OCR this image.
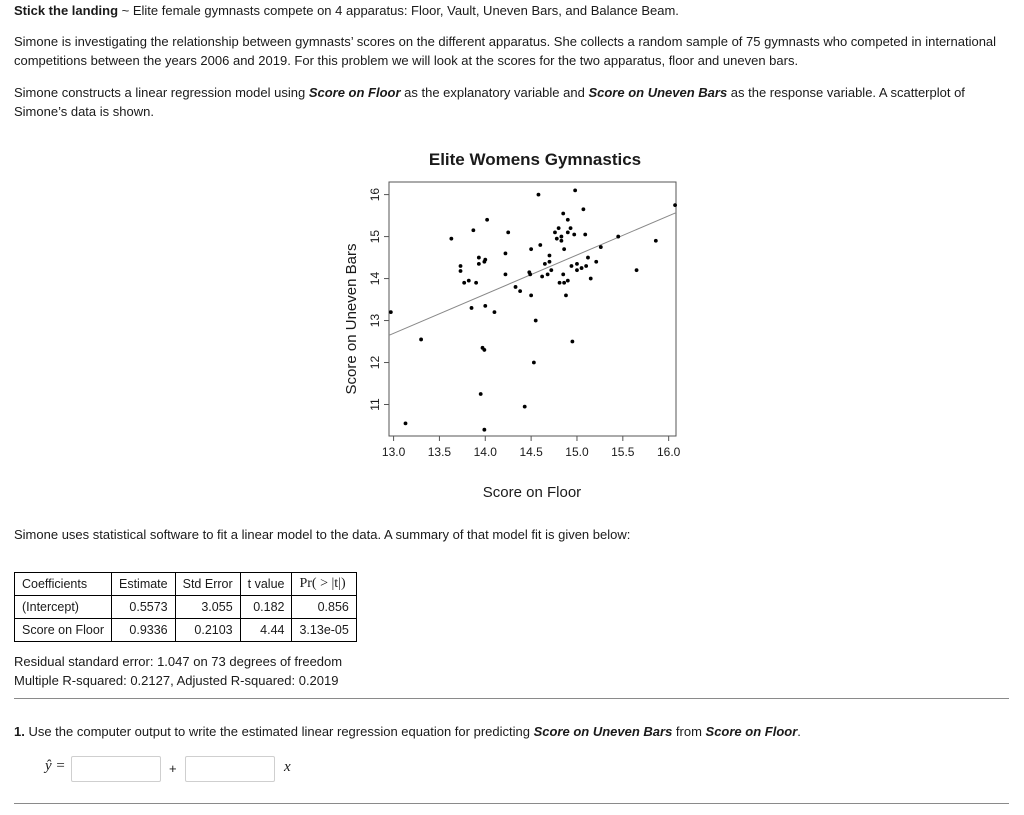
Stick the landing ~ Elite female gymnasts compete on 4 apparatus: Floor, Vault, Uneven Bars, and Balance Beam.

Simone is investigating the relationship between gymnasts’ scores on the different apparatus. She collects a random sample of 75 gymnasts who competed in international competitions between the years 2006 and 2019. For this problem we will look at the scores for the two apparatus, floor and uneven bars.

Simone constructs a linear regression model using Score on Floor as the explanatory variable and Score on Uneven Bars as the response variable. A scatterplot of Simone’s data is shown.

Elite Womens Gymnastics
13.0 13.5 14.0 14.5 15.0 15.5 16.0
11
12
13
14
15
16
Score on Floor
Score on Uneven Bars

Simone uses statistical software to fit a linear model to the data. A summary of that model fit is given below:

Coefficients	Estimate	Std Error	t value	Pr( > |t|)
(Intercept)	0.5573	3.055	0.182	0.856
Score on Floor	0.9336	0.2103	4.44	3.13e-05
Residual standard error: 1.047 on 73 degrees of freedom
Multiple R-squared: 0.2127, Adjusted R-squared: 0.2019

1. Use the computer output to write the estimated linear regression equation for predicting Score on Uneven Bars from Score on Floor.

ŷ =	+	x
